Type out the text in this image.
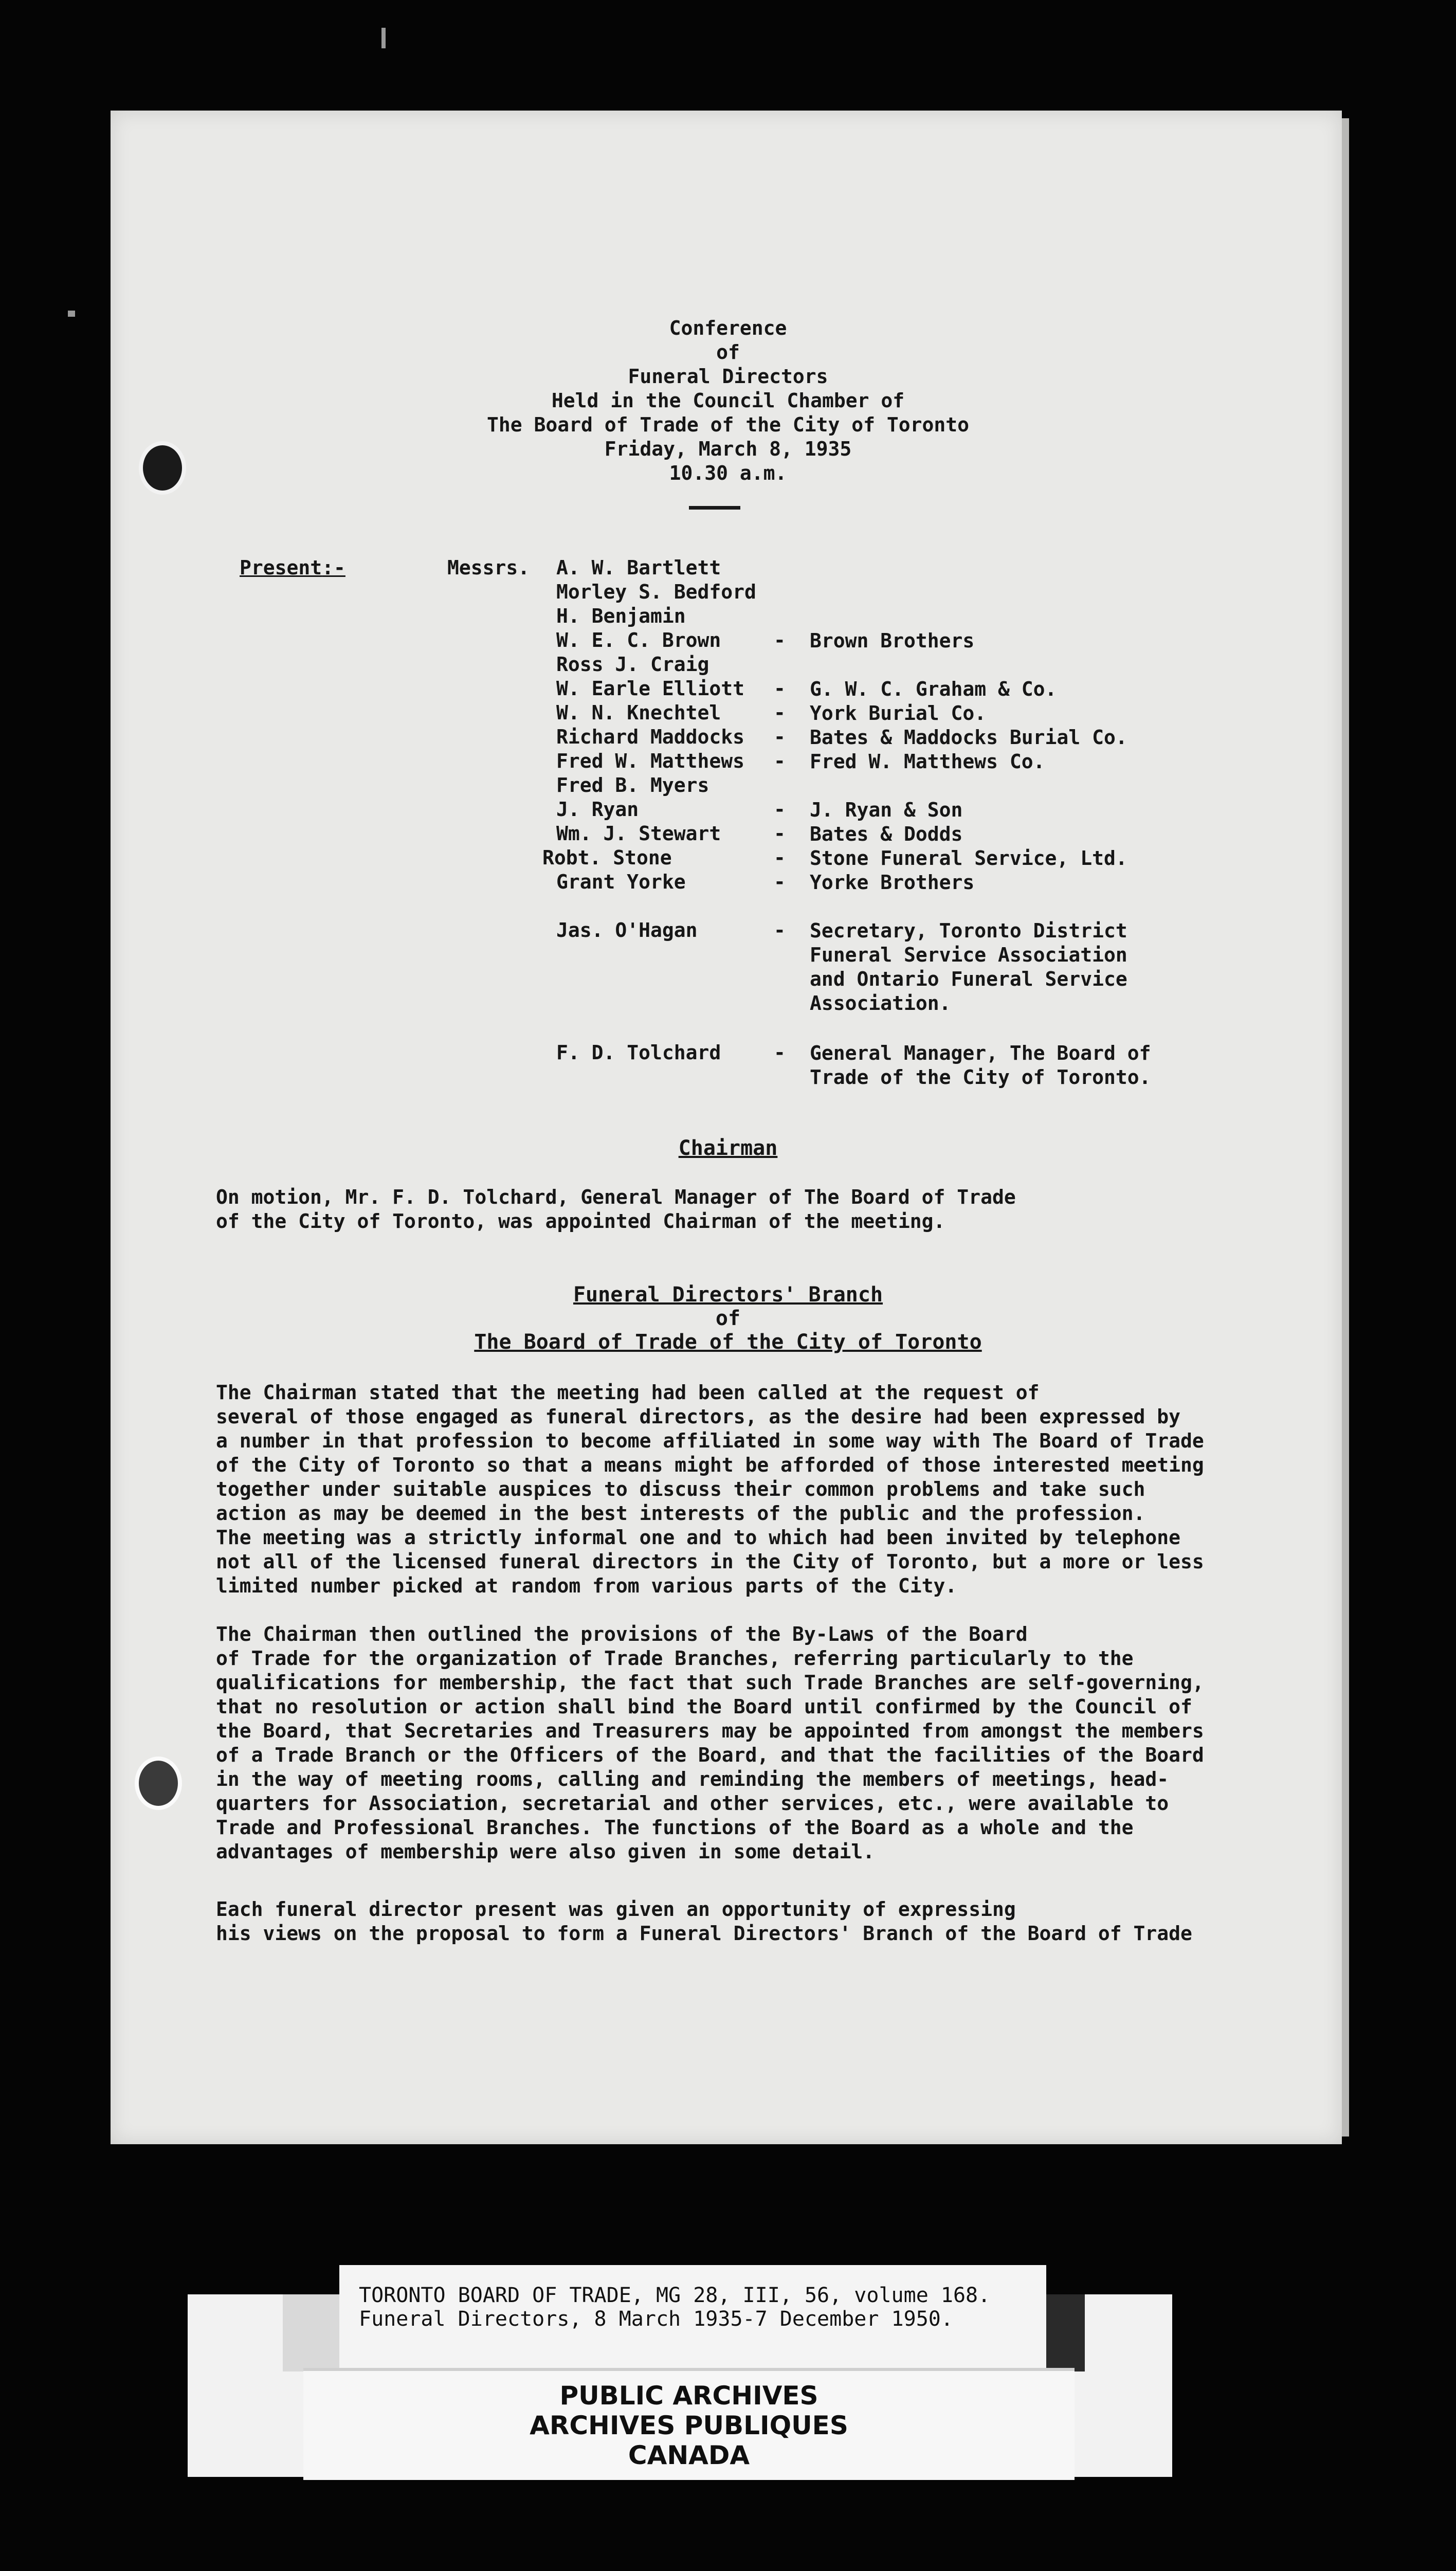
Conference
of
Funeral Directors
Held in the Council Chamber of
The Board of Trade of the City of Toronto
Friday, March 8, 1935
10.30 a.m.
Present:-	Messrs. A. W. Bartlett
Morley S. Bedford
H. Benjamin
W. E. C. Brown	- Brown Brothers
Ross J. Craig
W. Earle Elliott - G. W. C. Graham & Co.
W. N. Knechtel	- York Burial Co.
Richard Maddocks - Bates & Maddocks Burial Co.
Fred W. Matthews - Fred W. Matthews Co.
Fred B. Myers
J. Ryan	- J. Ryan & Son
Wm. J. Stewart	- Bates & Dodds
Robt. Stone	- Stone Funeral Service, Ltd.
Grant Yorke	- Yorke Brothers
Jas. O'Hagan	- Secretary, Toronto District
Funeral Service Association
and Ontario Funeral Service
Association.
F. D. Tolchard	- General Manager, The Board of
Trade of the City of Toronto.
Chairman
On motion, Mr. F. D. Tolchard, General Manager of The Board of Trade
of the City of Toronto, was appointed Chairman of the meeting.
Funeral Directors' Branch
of
The Board of Trade of the City of Toronto
The Chairman stated that the meeting had been called at the request of
several of those engaged as funeral directors, as the desire had been expressed by
a number in that profession to become affiliated in some way with The Board of Trade
of the City of Toronto so that a means might be afforded of those interested meeting
together under suitable auspices to discuss their common problems and take such
action as may be deemed in the best interests of the public and the profession.
The meeting was a strictly informal one and to which had been invited by telephone
not all of the licensed funeral directors in the City of Toronto, but a more or less
limited number picked at random from various parts of the City.
The Chairman then outlined the provisions of the By-Laws of the Board
of Trade for the organization of Trade Branches, referring particularly to the
qualifications for membership, the fact that such Trade Branches are self-governing,
that no resolution or action shall bind the Board until confirmed by the Council of
the Board, that Secretaries and Treasurers may be appointed from amongst the members
of a Trade Branch or the Officers of the Board, and that the facilities of the Board
in the way of meeting rooms, calling and reminding the members of meetings, head-
quarters for Association, secretarial and other services, etc., were available to
Trade and Professional Branches. The functions of the Board as a whole and the
advantages of membership were also given in some detail.
Each funeral director present was given an opportunity of expressing
his views on the proposal to form a Funeral Directors' Branch of the Board of Trade
TORONTO BOARD OF TRADE, MG 28, III, 56, volume 168.
Funeral Directors, 8 March 1935-7 December 1950.
PUBLIC ARCHIVES
ARCHIVES PUBLIQUES
CANADA
